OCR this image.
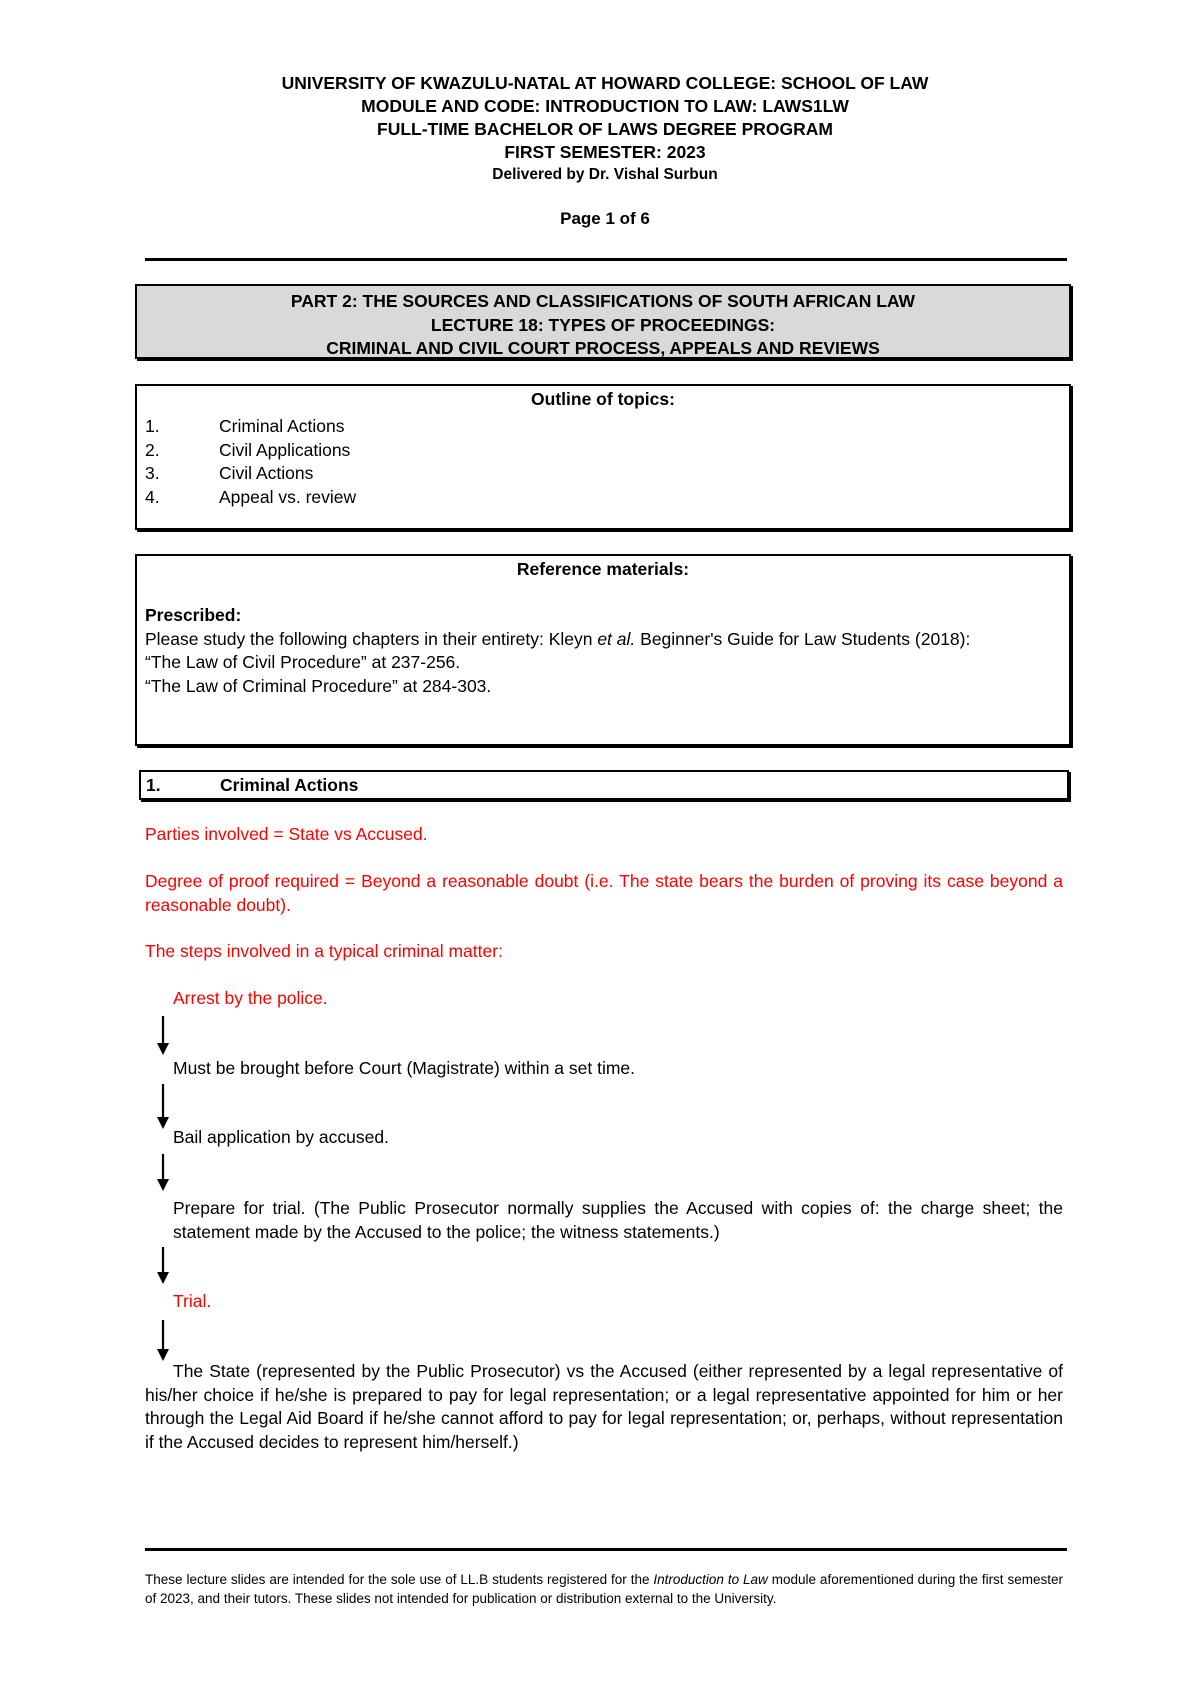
UNIVERSITY OF KWAZULU-NATAL AT HOWARD COLLEGE: SCHOOL OF LAW
MODULE AND CODE: INTRODUCTION TO LAW: LAWS1LW
FULL-TIME BACHELOR OF LAWS DEGREE PROGRAM
FIRST SEMESTER: 2023
Delivered by Dr. Vishal Surbun
Page 1 of 6
PART 2: THE SOURCES AND CLASSIFICATIONS OF SOUTH AFRICAN LAW
LECTURE 18: TYPES OF PROCEEDINGS:
CRIMINAL AND CIVIL COURT PROCESS, APPEALS AND REVIEWS
Outline of topics:
1.	Criminal Actions
2.	Civil Applications
3.	Civil Actions
4.	Appeal vs. review
Reference materials:
Prescribed:
Please study the following chapters in their entirety: Kleyn et al. Beginner's Guide for Law Students (2018):
“The Law of Civil Procedure” at 237-256.
“The Law of Criminal Procedure” at 284-303.
1.	Criminal Actions
Parties involved = State vs Accused.
Degree of proof required = Beyond a reasonable doubt (i.e. The state bears the burden of proving its case beyond a reasonable doubt).
The steps involved in a typical criminal matter:
Arrest by the police.
Must be brought before Court (Magistrate) within a set time.
Bail application by accused.
Prepare for trial. (The Public Prosecutor normally supplies the Accused with copies of: the charge sheet; the statement made by the Accused to the police; the witness statements.)
Trial.
The State (represented by the Public Prosecutor) vs the Accused (either represented by a legal representative of his/her choice if he/she is prepared to pay for legal representation; or a legal representative appointed for him or her through the Legal Aid Board if he/she cannot afford to pay for legal representation; or, perhaps, without representation if the Accused decides to represent him/herself.)
These lecture slides are intended for the sole use of LL.B students registered for the Introduction to Law module aforementioned during the first semester of 2023, and their tutors. These slides not intended for publication or distribution external to the University.
